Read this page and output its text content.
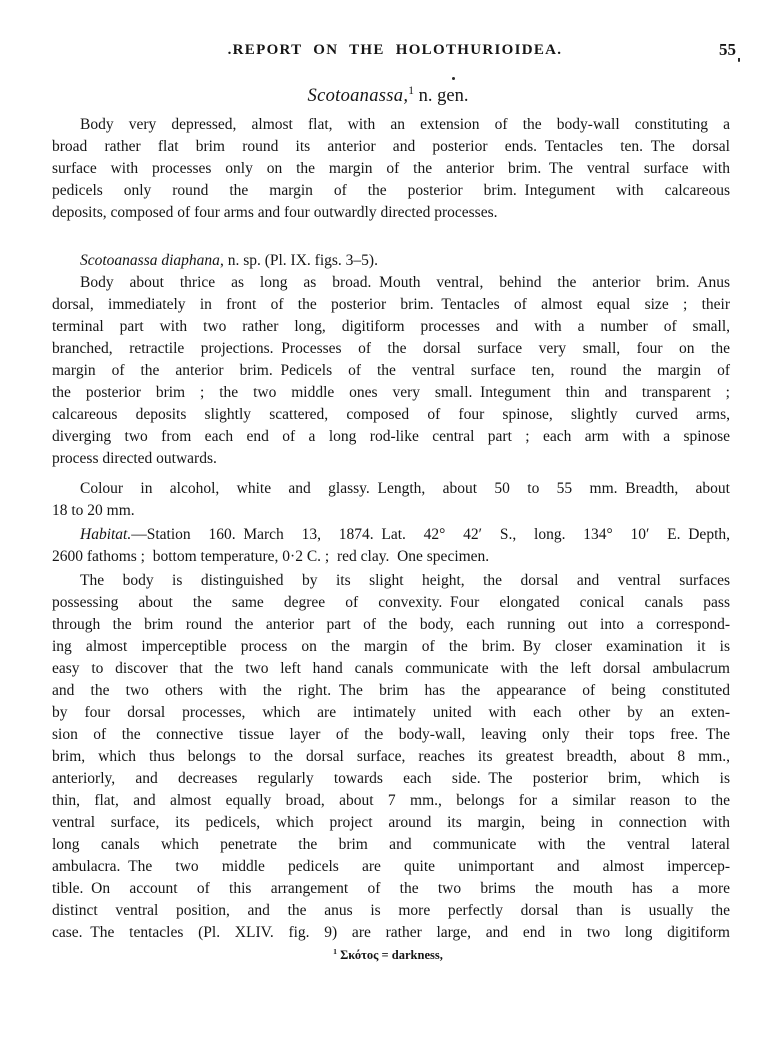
.REPORT ON THE HOLOTHURIOIDEA.	55
Scotoanassa,$^1$ n. gen.
Body very depressed, almost flat, with an extension of the body-wall constituting a
broad rather flat brim round its anterior and posterior ends. Tentacles ten. The dorsal
surface with processes only on the margin of the anterior brim. The ventral surface with
pedicels only round the margin of the posterior brim. Integument with calcareous
deposits, composed of four arms and four outwardly directed processes.
Scotoanassa diaphana, n. sp. (Pl. IX. figs. 3–5).
Body about thrice as long as broad. Mouth ventral, behind the anterior brim. Anus
dorsal, immediately in front of the posterior brim. Tentacles of almost equal size ; their
terminal part with two rather long, digitiform processes and with a number of small,
branched, retractile projections. Processes of the dorsal surface very small, four on the
margin of the anterior brim. Pedicels of the ventral surface ten, round the margin of
the posterior brim ; the two middle ones very small. Integument thin and transparent ;
calcareous deposits slightly scattered, composed of four spinose, slightly curved arms,
diverging two from each end of a long rod-like central part ; each arm with a spinose
process directed outwards.
Colour in alcohol, white and glassy. Length, about 50 to 55 mm. Breadth, about
18 to 20 mm.
Habitat.—Station 160. March 13, 1874. Lat. 42° 42′ S., long. 134° 10′ E. Depth,
2600 fathoms ; bottom temperature, 0·2 C. ; red clay. One specimen.
The body is distinguished by its slight height, the dorsal and ventral surfaces
possessing about the same degree of convexity. Four elongated conical canals pass
through the brim round the anterior part of the body, each running out into a correspond-
ing almost imperceptible process on the margin of the brim. By closer examination it is
easy to discover that the two left hand canals communicate with the left dorsal ambulacrum
and the two others with the right. The brim has the appearance of being constituted
by four dorsal processes, which are intimately united with each other by an exten-
sion of the connective tissue layer of the body-wall, leaving only their tops free. The
brim, which thus belongs to the dorsal surface, reaches its greatest breadth, about 8 mm.,
anteriorly, and decreases regularly towards each side. The posterior brim, which is
thin, flat, and almost equally broad, about 7 mm., belongs for a similar reason to the
ventral surface, its pedicels, which project around its margin, being in connection with
long canals which penetrate the brim and communicate with the ventral lateral
ambulacra. The two middle pedicels are quite unimportant and almost impercep-
tible. On account of this arrangement of the two brims the mouth has a more
distinct ventral position, and the anus is more perfectly dorsal than is usually the
case. The tentacles (Pl. XLIV. fig. 9) are rather large, and end in two long digitiform
$^1$ Σκότος = darkness,
